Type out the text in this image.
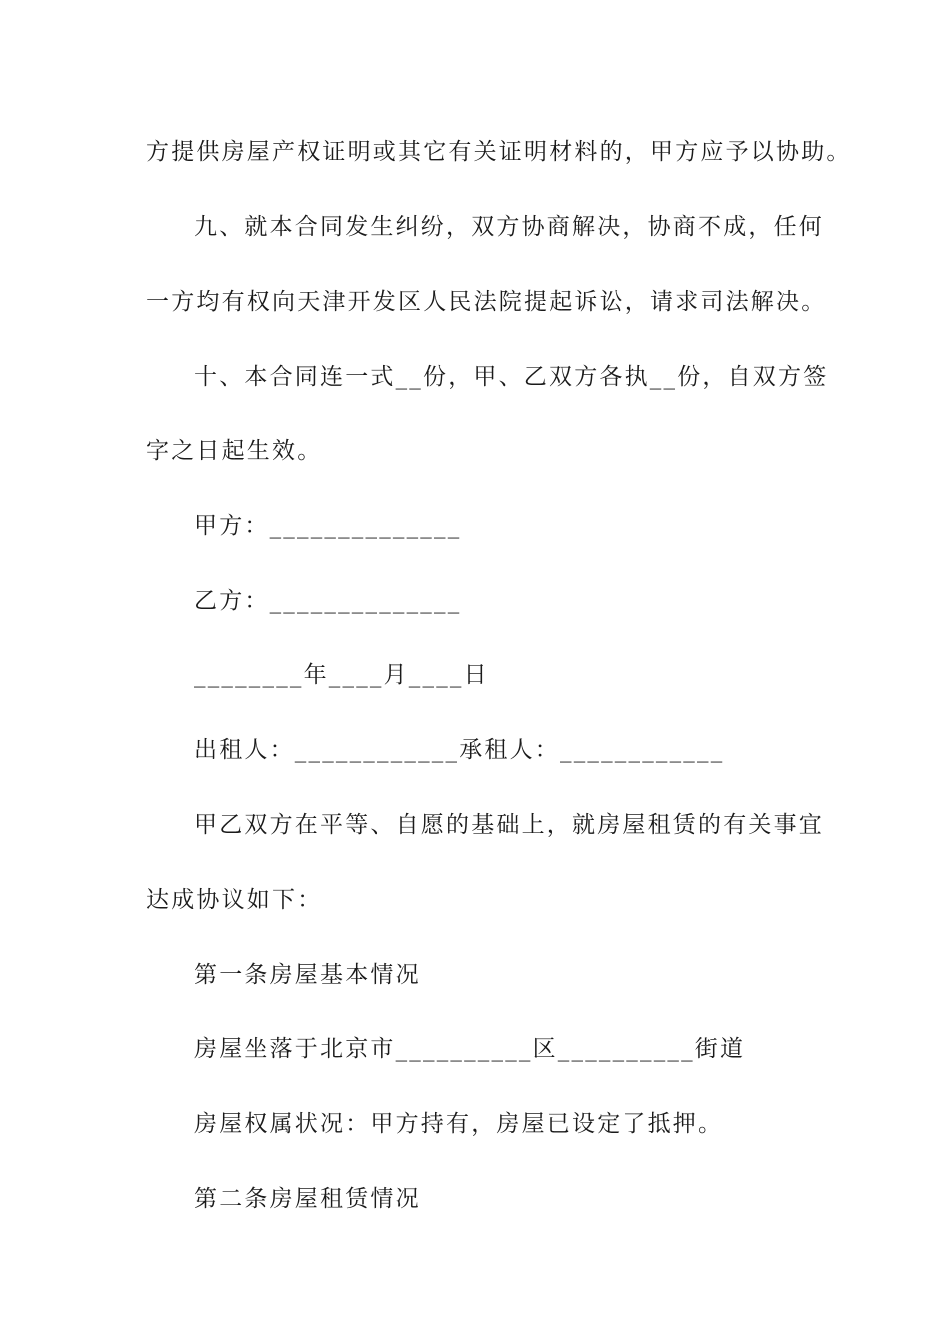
方提供房屋产权证明或其它有关证明材料的，甲方应予以协助。
九、就本合同发生纠纷，双方协商解决，协商不成，任何
一方均有权向天津开发区人民法院提起诉讼，请求司法解决。
十、本合同连一式__份，甲、乙双方各执__份，自双方签
字之日起生效。
甲方：______________
乙方：______________
________年____月____日
出租人：____________承租人：____________
甲乙双方在平等、自愿的基础上，就房屋租赁的有关事宜
达成协议如下：
第一条房屋基本情况
房屋坐落于北京市__________区__________街道
房屋权属状况：甲方持有，房屋已设定了抵押。
第二条房屋租赁情况
